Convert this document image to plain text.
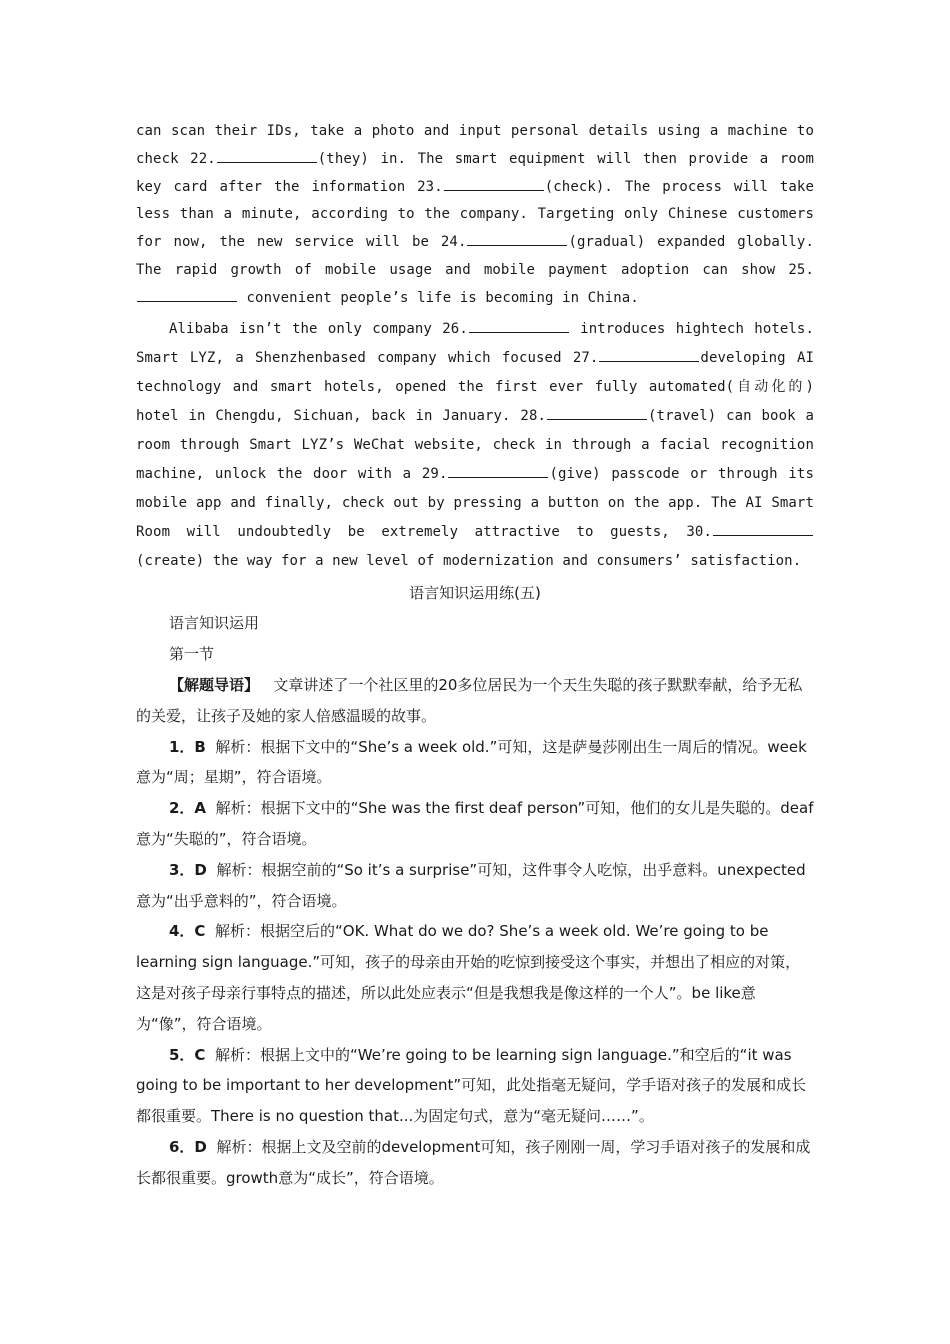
can scan their IDs, take a photo and input personal details using a machine to check 22.	(they) in. The smart equipment will then provide a room key card after the information 23.	(check). The process will take less than a minute, according to the company. Targeting only Chinese customers for now, the new service will be 24.	(gradual) expanded globally. The rapid growth of mobile usage and mobile payment adoption can show 25. convenient people’s life is becoming in China.

Alibaba isn’t the only company 26.	introduces hightech hotels. Smart LYZ, a Shenzhenbased company which focused 27.	developing AI technology and smart hotels, opened the first ever fully automated(自动化的) hotel in Chengdu, Sichuan, back in January. 28.	(travel) can book a room through Smart LYZ’s WeChat website, check in through a facial recognition machine, unlock the door with a 29.	(give) passcode or through its mobile app and finally, check out by pressing a button on the app. The AI Smart Room will undoubtedly be extremely attractive to guests, 30.(create) the way for a new level of modernization and consumers’ satisfaction.

语言知识运用练(五)

语言知识运用

第一节

【解题导语】 文章讲述了一个社区里的20多位居民为一个天生失聪的孩子默默奉献，给予无私的关爱，让孩子及她的家人倍感温暖的故事。

1．B 解析：根据下文中的“She’s a week old.”可知，这是萨曼莎刚出生一周后的情况。week意为“周；星期”，符合语境。

2．A 解析：根据下文中的“She was the first deaf person”可知，他们的女儿是失聪的。deaf意为“失聪的”，符合语境。

3．D 解析：根据空前的“So it’s a surprise”可知，这件事令人吃惊，出乎意料。unexpected意为“出乎意料的”，符合语境。

4．C 解析：根据空后的“OK. What do we do? She’s a week old. We’re going to be learning sign language.”可知，孩子的母亲由开始的吃惊到接受这个事实，并想出了相应的对策，这是对孩子母亲行事特点的描述，所以此处应表示“但是我想我是像这样的一个人”。be like意为“像”，符合语境。

5．C 解析：根据上文中的“We’re going to be learning sign language.”和空后的“it was going to be important to her development”可知，此处指毫无疑问，学手语对孩子的发展和成长都很重要。There is no question that...为固定句式，意为“毫无疑问……”。

6．D 解析：根据上文及空前的development可知，孩子刚刚一周，学习手语对孩子的发展和成长都很重要。growth意为“成长”，符合语境。
